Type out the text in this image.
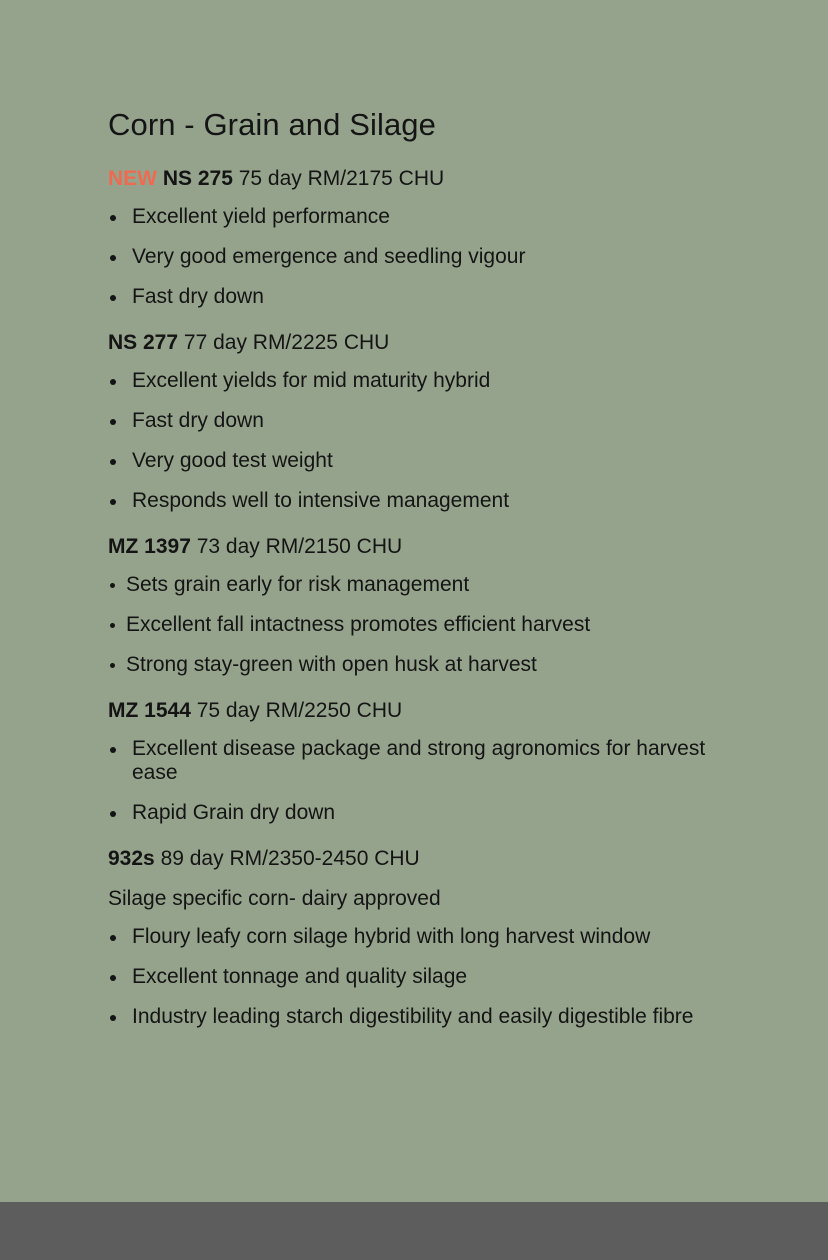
Corn - Grain and Silage
NEW NS 275 75 day RM/2175 CHU
Excellent yield performance
Very good emergence and seedling vigour
Fast dry down
NS 277 77 day RM/2225 CHU
Excellent yields for mid maturity hybrid
Fast dry down
Very good test weight
Responds well to intensive management
MZ 1397 73 day RM/2150 CHU
Sets grain early for risk management
Excellent fall intactness promotes efficient harvest
Strong stay-green with open husk at harvest
MZ 1544 75 day RM/2250 CHU
Excellent disease package and strong agronomics for harvest ease
Rapid Grain dry down
932s 89 day RM/2350-2450 CHU
Silage specific corn- dairy approved
Floury leafy corn silage hybrid with long harvest window
Excellent tonnage and quality silage
Industry leading starch digestibility and easily digestible fibre
